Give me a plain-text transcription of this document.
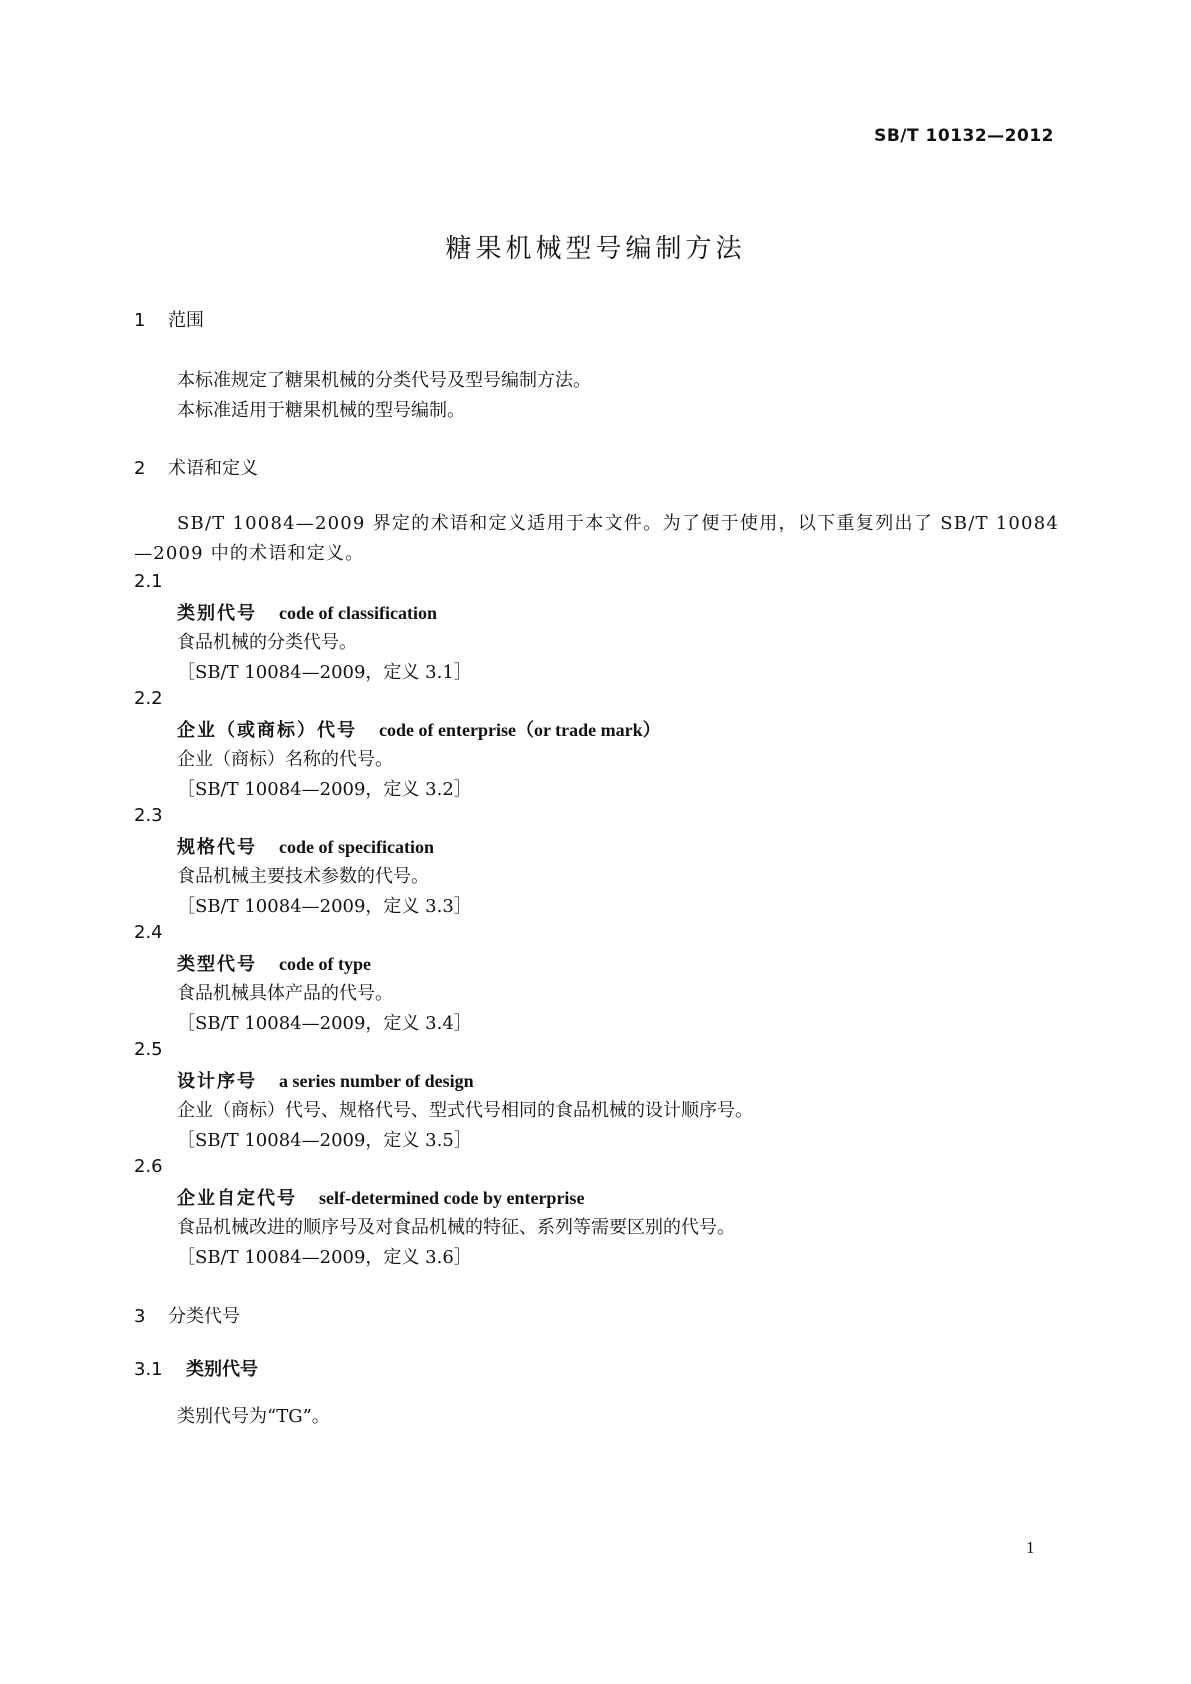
SB/T 10132—2012
糖果机械型号编制方法
1 范围
本标准规定了糖果机械的分类代号及型号编制方法。
本标准适用于糖果机械的型号编制。
2 术语和定义
SB/T 10084—2009 界定的术语和定义适用于本文件。为了便于使用，以下重复列出了 SB/T 10084—2009 中的术语和定义。
2.1
类别代号 code of classification
食品机械的分类代号。
［SB/T 10084—2009，定义 3.1］
2.2
企业（或商标）代号 code of enterprise（or trade mark）
企业（商标）名称的代号。
［SB/T 10084—2009，定义 3.2］
2.3
规格代号 code of specification
食品机械主要技术参数的代号。
［SB/T 10084—2009，定义 3.3］
2.4
类型代号 code of type
食品机械具体产品的代号。
［SB/T 10084—2009，定义 3.4］
2.5
设计序号 a series number of design
企业（商标）代号、规格代号、型式代号相同的食品机械的设计顺序号。
［SB/T 10084—2009，定义 3.5］
2.6
企业自定代号 self-determined code by enterprise
食品机械改进的顺序号及对食品机械的特征、系列等需要区别的代号。
［SB/T 10084—2009，定义 3.6］
3 分类代号
3.1 类别代号
类别代号为“TG”。
1
